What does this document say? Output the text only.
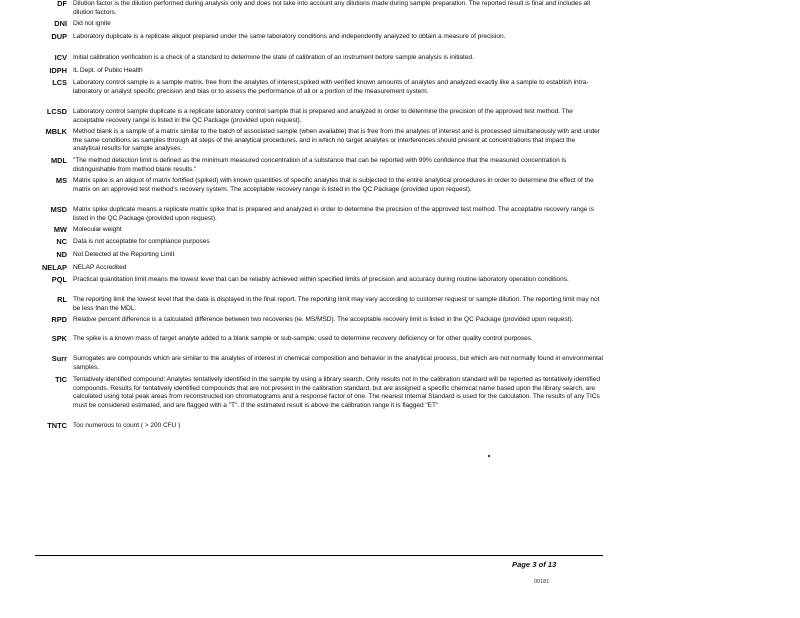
DF Dilution factor is the dilution performed during analysis only and does not take into account any dilutions made during sample preparation. The reported result is final and includes all dilution factors.
DNI Did not ignite
DUP Laboratory duplicate is a replicate aliquot prepared under the same laboratory conditions and independently analyzed to obtain a measure of precision.
ICV Initial calibration verification is a check of a standard to determine the state of calibration of an instrument before sample analysis is initiated.
IDPH IL Dept. of Public Health
LCS Laboratory control sample is a sample matrix, free from the analytes of interest,spiked with verified known amounts of analytes and analyzed exactly like a sample to establish intra-laboratory or analyst specific precision and bias or to assess the performance of all or a portion of the measurement system.
LCSD Laboratory control sample duplicate is a replicate laboratory control sample that is prepared and analyzed in order to determine the precision of the approved test method. The acceptable recovery range is listed in the QC Package (provided upon request).
MBLK Method blank is a sample of a matrix similar to the batch of associated sample (when available) that is free from the analytes of interest and is processed simultaneously with and under the same conditions as samples through all steps of the analytical procedures, and in which no target analytes or interferences should present at concentrations that impact the analytical results for sample analyses.
MDL "The method detection limit is defined as the minimum measured concentration of a substance that can be reported with 99% confidence that the measured concentration is distinguishable from method blank results."
MS Matrix spike is an aliquot of matrix fortified (spiked) with known quantities of specific analytes that is subjected to the entire analytical procedures in order to determine the effect of the matrix on an approved test method's recovery system. The acceptable recovery range is listed in the QC Package (provided upon request).
MSD Matrix spike duplicate means a replicate matrix spike that is prepared and analyzed in order to determine the precision of the approved test method. The acceptable recovery range is listed in the QC Package (provided upon request).
MW Molecular weight
NC Data is not acceptable for compliance purposes
ND Not Detected at the Reporting Limit
NELAP NELAP Accredited
PQL Practical quantitation limit means the lowest level that can be reliably achieved within specified limits of precision and accuracy during routine laboratory operation conditions.
RL The reporting limit the lowest level that the data is displayed in the final report. The reporting limit may vary according to customer request or sample dilution. The reporting limit may not be less than the MDL.
RPD Relative percent difference is a calculated difference between two recoveries (ie. MS/MSD). The acceptable recovery limit is listed in the QC Package (provided upon request).
SPK The spike is a known mass of target analyte added to a blank sample or sub-sample; used to determine recovery deficiency or for other quality control purposes.
Surr Surrogates are compounds which are similar to the analytes of interest in chemical composition and behavior in the analytical process, but which are not normally found in environmental samples.
TIC Tentatively identified compound: Analytes tentatively identified in the sample by using a library search. Only results not in the calibration standard will be reported as tentatively identified compounds. Results for tentatively identified compounds that are not present in the calibration standard, but are assigned a specific chemical name based upon the library search, are calculated using total peak areas from reconstructed ion chromatograms and a response factor of one. The nearest Internal Standard is used for the calculation. The results of any TICs must be considered estimated, and are flagged with a "T". If the estimated result is above the calibration range it is flagged "ET"
TNTC Too numerous to count ( > 200 CFU )
Page 3 of 13
00181
